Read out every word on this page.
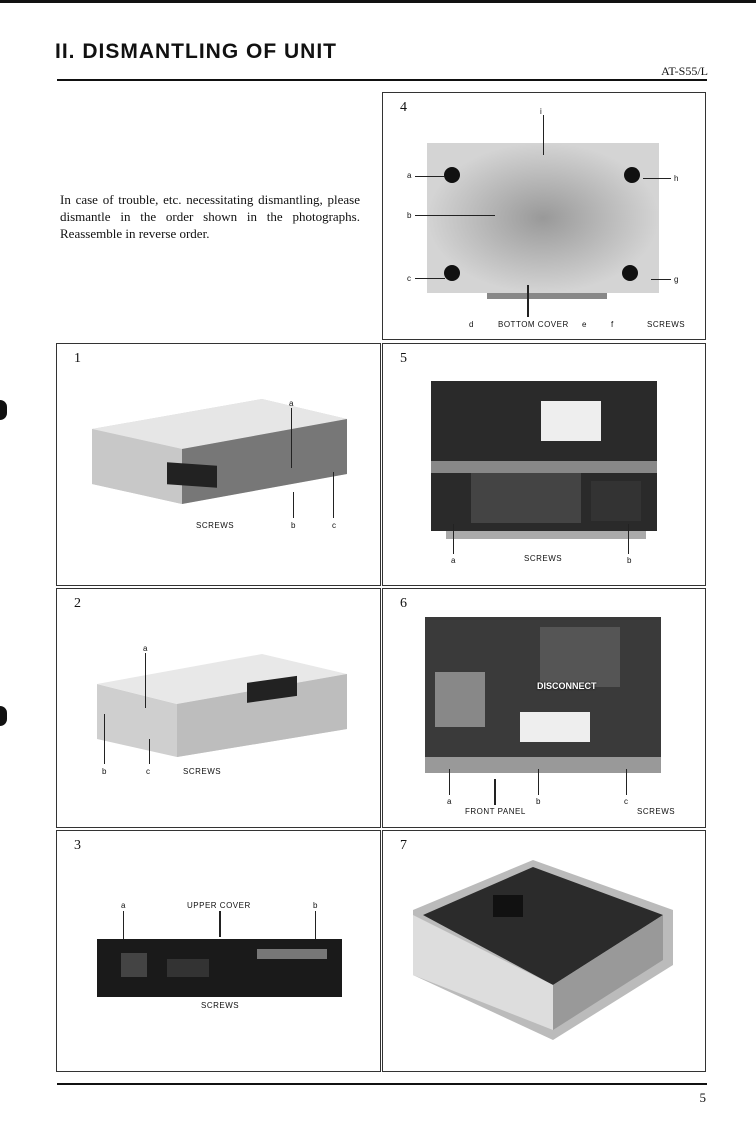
II. DISMANTLING OF UNIT
AT-S55/L
In case of trouble, etc. necessitating dismantling, please dismantle in the order shown in the photographs. Reassemble in reverse order.
4	i
a
b
c
h
g
d	BOTTOM COVER e	f	SCREWS
1
a
SCREWS	b	c
5
a	SCREWS	b
2
a
b	c	SCREWS
6
DISCONNECT
a
FRONT PANEL
b	c
SCREWS
3
a	UPPER COVER	b
SCREWS
7
5
